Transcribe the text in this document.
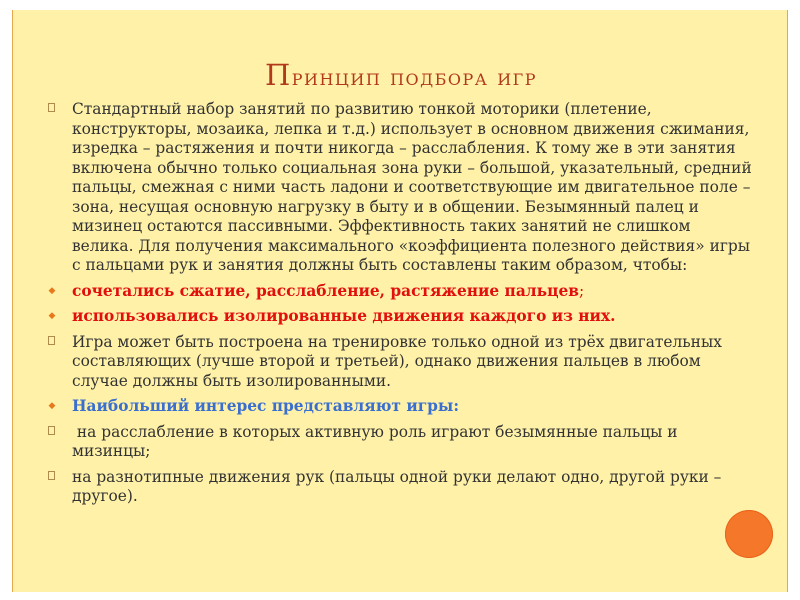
Принцип подбора игр

Стандартный набор занятий по развитию тонкой моторики (плетение, конструкторы, мозаика, лепка и т.д.) использует в основном движения сжимания, изредка – растяжения и почти никогда – расслабления. К тому же в эти занятия включена обычно только социальная зона руки – большой, указательный, средний пальцы, смежная с ними часть ладони и соответствующие им двигательное поле – зона, несущая основную нагрузку в быту и в общении. Безымянный палец и мизинец остаются пассивными. Эффективность таких занятий не слишком велика. Для получения максимального «коэффициента полезного действия» игры с пальцами рук и занятия должны быть составлены таким образом, чтобы:

◆ сочетались сжатие, расслабление, растяжение пальцев;

◆ использовались изолированные движения каждого из них.

Игра может быть построена на тренировке только одной из трёх двигательных составляющих (лучше второй и третьей), однако движения пальцев в любом случае должны быть изолированными.

◆ Наибольший интерес представляют игры:

на расслабление в которых активную роль играют безымянные пальцы и мизинцы;

на разнотипные движения рук (пальцы одной руки делают одно, другой руки – другое).
